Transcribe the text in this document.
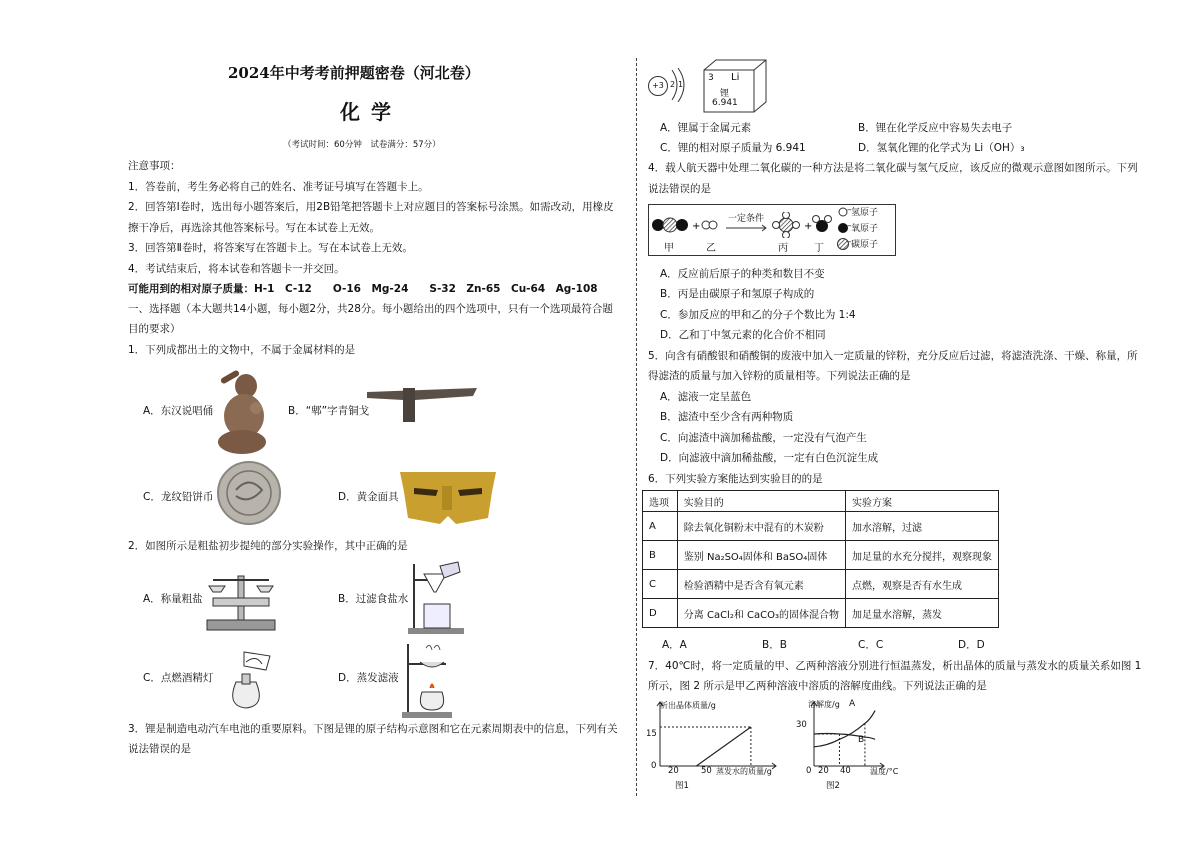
2024年中考考前押题密卷（河北卷）
化 学
（考试时间：60分钟　试卷满分：57分）
注意事项：
1．答卷前，考生务必将自己的姓名、准考证号填写在答题卡上。
2．回答第Ⅰ卷时，选出每小题答案后，用2B铅笔把答题卡上对应题目的答案标号涂黑。如需改动，用橡皮
擦干净后，再选涂其他答案标号。写在本试卷上无效。
3．回答第Ⅱ卷时，将答案写在答题卡上。写在本试卷上无效。
4．考试结束后，将本试卷和答题卡一并交回。
可能用到的相对原子质量：H-1　C-12　　O-16　Mg-24　　S-32　Zn-65　Cu-64　Ag-108
一、选择题（本大题共14小题，每小题2分，共28分。每小题给出的四个选项中，只有一个选项最符合题
目的要求）
1．下列成都出土的文物中，不属于金属材料的是
A．东汉说唱俑	B．“郫”字青铜戈
C．龙纹铅饼币	D．黄金面具
2．如图所示是粗盐初步提纯的部分实验操作，其中正确的是
A．称量粗盐	B．过滤食盐水
C．点燃酒精灯	D．蒸发滤液
3．锂是制造电动汽车电池的重要原料。下图是锂的原子结构示意图和它在元素周期表中的信息，下列有关
说法错误的是
+3 2 1
3 Li
锂
6.941
A．锂属于金属元素	B．锂在化学反应中容易失去电子
C．锂的相对原子质量为 6.941	D．氢氧化锂的化学式为 Li（OH）₃
4．载人航天器中处理二氧化碳的一种方法是将二氧化碳与氢气反应，该反应的微观示意图如图所示。下列
说法错误的是
+	+
一定条件
甲	乙	丙	丁
氢原子
氧原子
碳原子
–
–
–
A．反应前后原子的种类和数目不变
B．丙是由碳原子和氢原子构成的
C．参加反应的甲和乙的分子个数比为 1:4
D．乙和丁中氢元素的化合价不相同
5．向含有硝酸银和硝酸铜的废液中加入一定质量的锌粉，充分反应后过滤，将滤渣洗涤、干燥、称量，所
得滤渣的质量与加入锌粉的质量相等。下列说法正确的是
A．滤液一定呈蓝色
B．滤渣中至少含有两种物质
C．向滤渣中滴加稀盐酸，一定没有气泡产生
D．向滤液中滴加稀盐酸，一定有白色沉淀生成
6．下列实验方案能达到实验目的的是
选项	实验目的	实验方案
A	除去氧化铜粉末中混有的木炭粉	加水溶解，过滤
B	鉴别 Na₂SO₄固体和 BaSO₄固体	加足量的水充分搅拌，观察现象
C	检验酒精中是否含有氧元素	点燃，观察是否有水生成
D	分离 CaCl₂和 CaCO₃的固体混合物	加足量水溶解，蒸发
A．A	B．B	C．C	D．D
7．40℃时，将一定质量的甲、乙两种溶液分别进行恒温蒸发，析出晶体的质量与蒸发水的质量关系如图 1
所示，图 2 所示是甲乙两种溶液中溶质的溶解度曲线。下列说法正确的是
析出晶体质量/g
15
0 20	50 蒸发水的质量/g
图1
溶解度/g
30
0 20 40 温度/°C
A
B
图2
